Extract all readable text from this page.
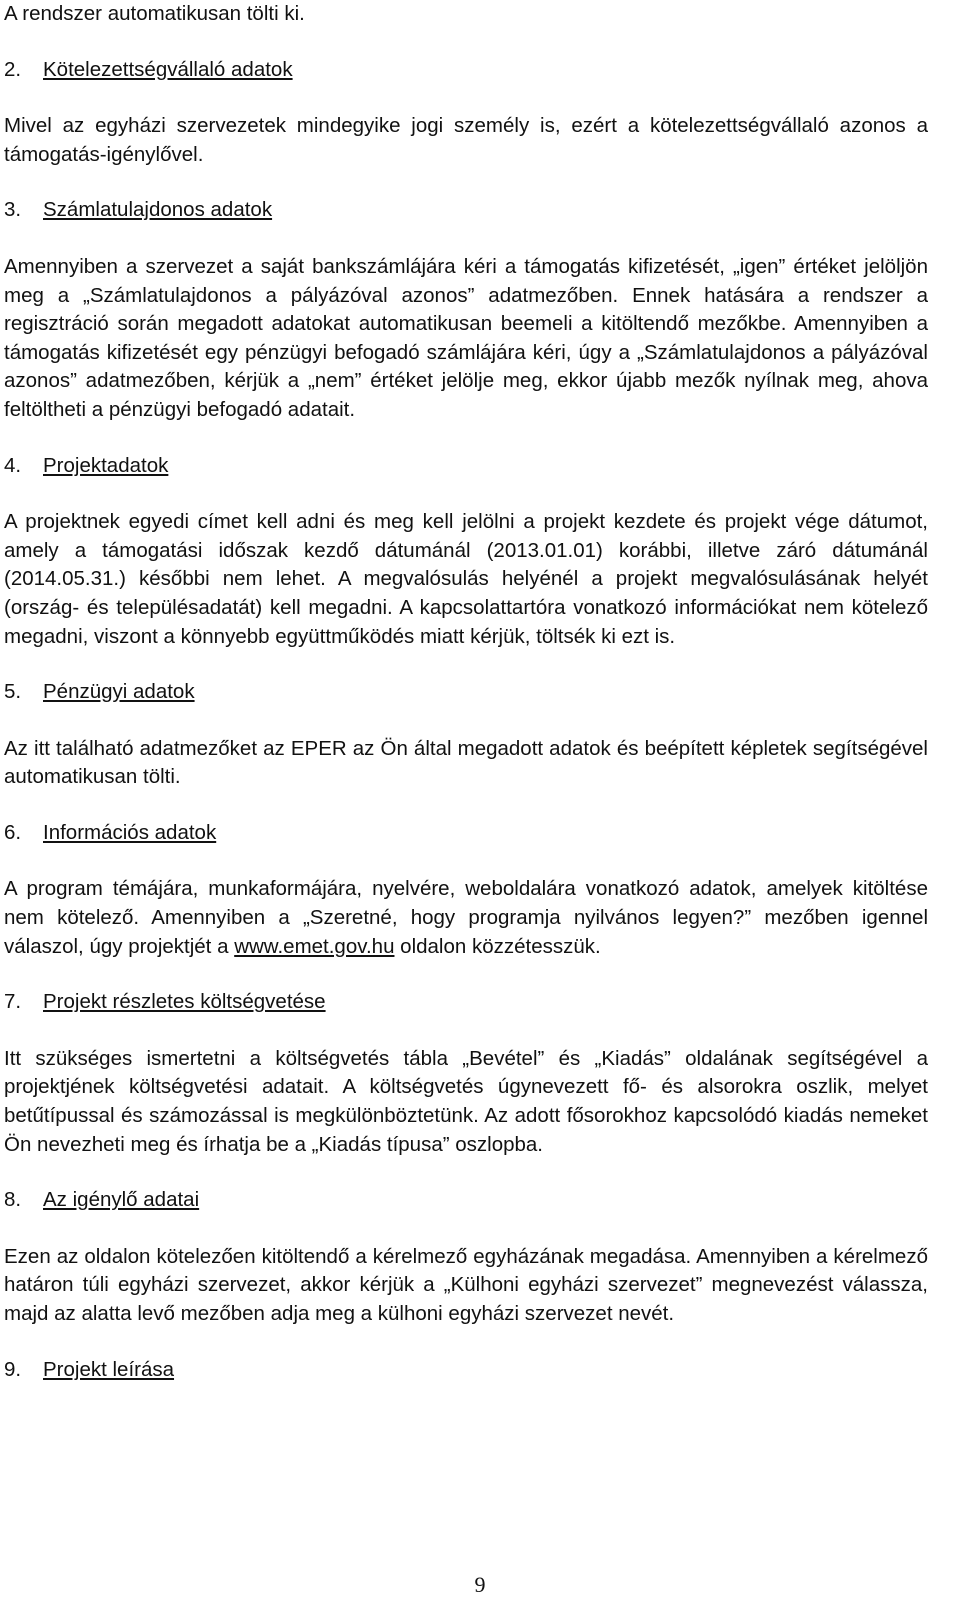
A rendszer automatikusan tölti ki.

2.	Kötelezettségvállaló adatok

Mivel az egyházi szervezetek mindegyike jogi személy is, ezért a kötelezettségvállaló azonos a támogatás-igénylővel.

3.	Számlatulajdonos adatok

Amennyiben a szervezet a saját bankszámlájára kéri a támogatás kifizetését, „igen” értéket jelöljön meg a „Számlatulajdonos a pályázóval azonos” adatmezőben. Ennek hatására a rendszer a regisztráció során megadott adatokat automatikusan beemeli a kitöltendő mezőkbe. Amennyiben a támogatás kifizetését egy pénzügyi befogadó számlájára kéri, úgy a „Számlatulajdonos a pályázóval azonos” adatmezőben, kérjük a „nem” értéket jelölje meg, ekkor újabb mezők nyílnak meg, ahova feltöltheti a pénzügyi befogadó adatait.

4.	Projektadatok

A projektnek egyedi címet kell adni és meg kell jelölni a projekt kezdete és projekt vége dátumot, amely a támogatási időszak kezdő dátumánál (2013.01.01) korábbi, illetve záró dátumánál (2014.05.31.) későbbi nem lehet. A megvalósulás helyénél a projekt megvalósulásának helyét (ország- és településadatát) kell megadni. A kapcsolattartóra vonatkozó információkat nem kötelező megadni, viszont a könnyebb együttműködés miatt kérjük, töltsék ki ezt is.

5.	Pénzügyi adatok

Az itt található adatmezőket az EPER az Ön által megadott adatok és beépített képletek segítségével automatikusan tölti.

6.	Információs adatok

A program témájára, munkaformájára, nyelvére, weboldalára vonatkozó adatok, amelyek kitöltése nem kötelező. Amennyiben a „Szeretné, hogy programja nyilvános legyen?” mezőben igennel válaszol, úgy projektjét a www.emet.gov.hu oldalon közzétesszük.

7.	Projekt részletes költségvetése

Itt szükséges ismertetni a költségvetés tábla „Bevétel” és „Kiadás” oldalának segítségével a projektjének költségvetési adatait. A költségvetés úgynevezett fő- és alsorokra oszlik, melyet betűtípussal és számozással is megkülönböztetünk. Az adott fősorokhoz kapcsolódó kiadás nemeket Ön nevezheti meg és írhatja be a „Kiadás típusa” oszlopba.

8.	Az igénylő adatai

Ezen az oldalon kötelezően kitöltendő a kérelmező egyházának megadása. Amennyiben a kérelmező határon túli egyházi szervezet, akkor kérjük a „Külhoni egyházi szervezet” megnevezést válassza, majd az alatta levő mezőben adja meg a külhoni egyházi szervezet nevét.

9.	Projekt leírása
9
